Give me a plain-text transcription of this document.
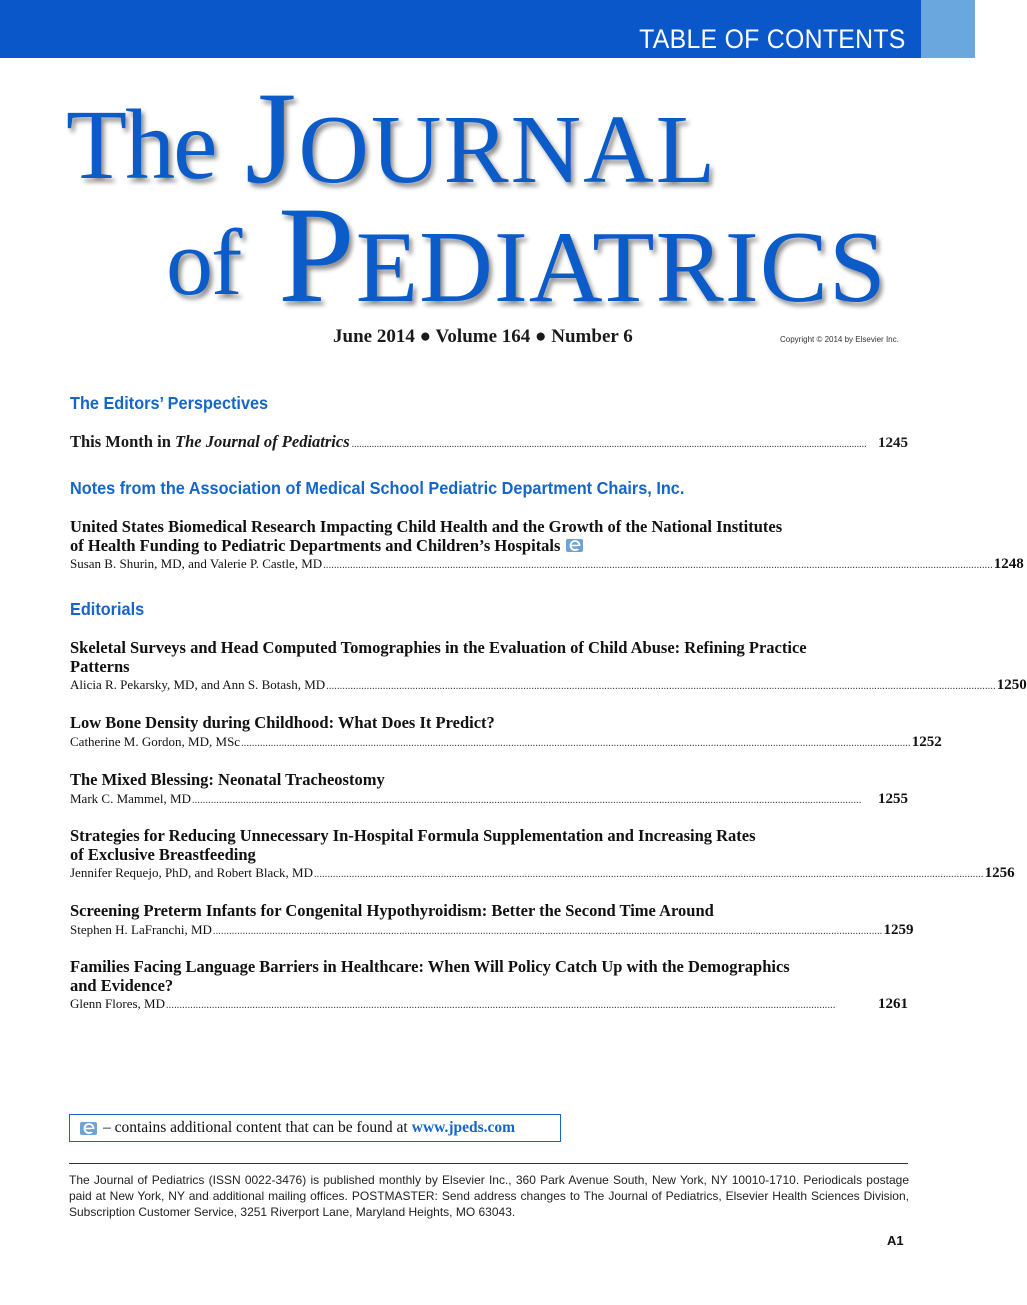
TABLE OF CONTENTS
The JOURNAL
of PEDIATRICS
June 2014 ● Volume 164 ● Number 6	Copyright © 2014 by Elsevier Inc.
The Editors’ Perspectives
This Month in The Journal of Pediatrics .............................................................................................................................................................................................................. 1245
Notes from the Association of Medical School Pediatric Department Chairs, Inc.

United States Biomedical Research Impacting Child Health and the Growth of the National Institutes
of Health Funding to Pediatric Departments and Children’s Hospitals

Susan B. Shurin, MD, and Valerie P. Castle, MD ........................................................................................................................................................................................................................................................ 1248
Editorials

Skeletal Surveys and Head Computed Tomographies in the Evaluation of Child Abuse: Refining Practice
Patterns

Alicia R. Pekarsky, MD, and Ann S. Botash, MD ........................................................................................................................................................................................................................................................ 1250

Low Bone Density during Childhood: What Does It Predict?

Catherine M. Gordon, MD, MSc ........................................................................................................................................................................................................................................................ 1252

The Mixed Blessing: Neonatal Tracheostomy

Mark C. Mammel, MD ........................................................................................................................................................................................................................................................	1255

Strategies for Reducing Unnecessary In-Hospital Formula Supplementation and Increasing Rates
of Exclusive Breastfeeding

Jennifer Requejo, PhD, and Robert Black, MD ........................................................................................................................................................................................................................................................ 1256

Screening Preterm Infants for Congenital Hypothyroidism: Better the Second Time Around

Stephen H. LaFranchi, MD ........................................................................................................................................................................................................................................................ 1259

Families Facing Language Barriers in Healthcare: When Will Policy Catch Up with the Demographics
and Evidence?

Glenn Flores, MD ........................................................................................................................................................................................................................................................	1261
– contains additional content that can be found at www.jpeds.com
The Journal of Pediatrics (ISSN 0022-3476) is published monthly by Elsevier Inc., 360 Park Avenue South, New York, NY 10010-1710. Periodicals postage paid at New York, NY and additional mailing offices. POSTMASTER: Send address changes to The Journal of Pediatrics, Elsevier Health Sciences Division, Subscription Customer Service, 3251 Riverport Lane, Maryland Heights, MO 63043.
A1
